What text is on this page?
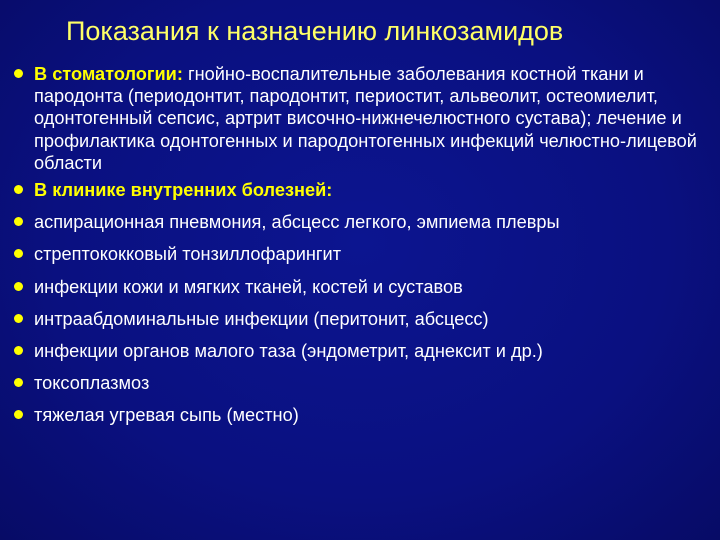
Показания к назначению линкозамидов
В стоматологии: гнойно-воспалительные заболевания костной ткани и пародонта (периодонтит, пародонтит, периостит, альвеолит, остеомиелит, одонтогенный сепсис, артрит височно-нижнечелюстного сустава); лечение и профилактика одонтогенных и пародонтогенных инфекций челюстно-лицевой области
В клинике внутренних болезней:
аспирационная пневмония, абсцесс легкого, эмпиема плевры
стрептококковый тонзиллофарингит
инфекции кожи и мягких тканей, костей и суставов
интраабдоминальные инфекции (перитонит, абсцесс)
инфекции органов малого таза (эндометрит, аднексит и др.)
токсоплазмоз
тяжелая угревая сыпь (местно)
